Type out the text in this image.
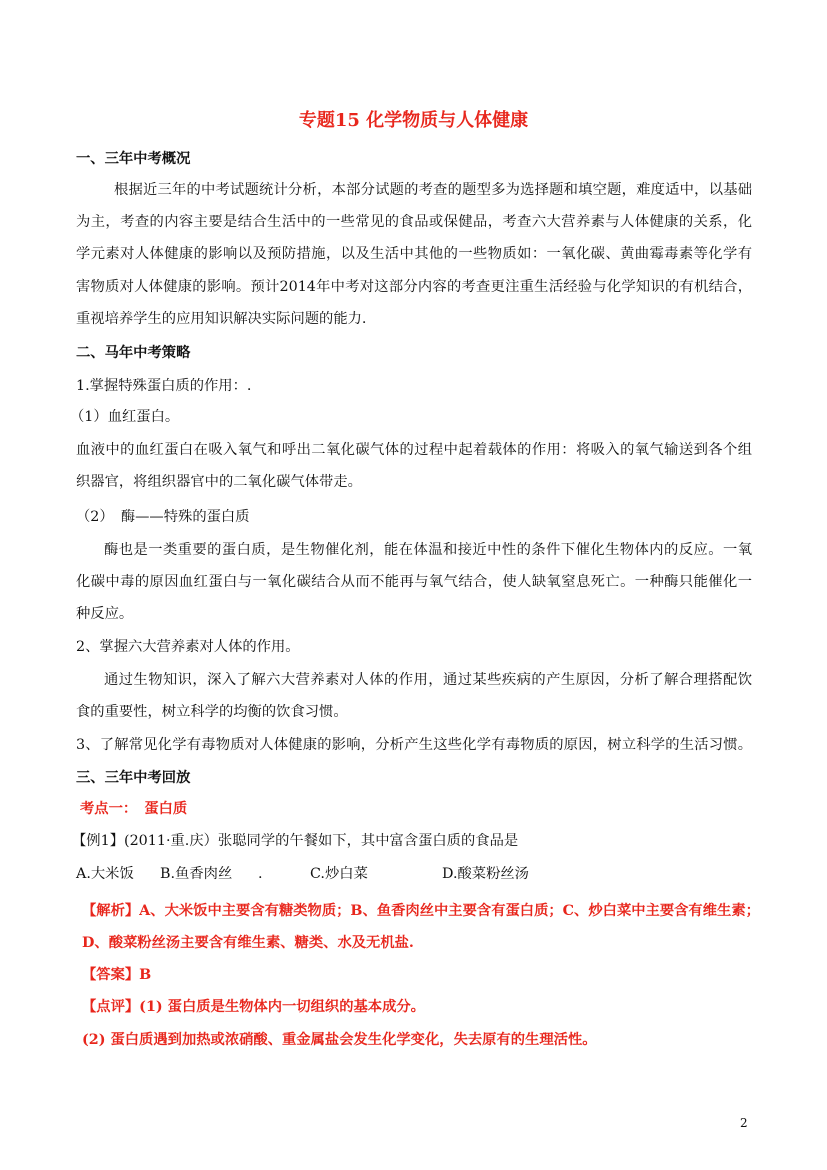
专题15 化学物质与人体健康
一、三年中考概况
根据近三年的中考试题统计分析，本部分试题的考查的题型多为选择题和填空题，难度适中，以基础
为主，考查的内容主要是结合生活中的一些常见的食品或保健品，考查六大营养素与人体健康的关系，化
学元素对人体健康的影响以及预防措施，以及生活中其他的一些物质如：一氧化碳、黄曲霉毒素等化学有
害物质对人体健康的影响。预计2014年中考对这部分内容的考查更注重生活经验与化学知识的有机结合，
重视培养学生的应用知识解决实际问题的能力.
二、马年中考策略
1.掌握特殊蛋白质的作用：.
（1）血红蛋白。
血液中的血红蛋白在吸入氧气和呼出二氧化碳气体的过程中起着载体的作用：将吸入的氧气输送到各个组
织器官，将组织器官中的二氧化碳气体带走。
（2）　酶——特殊的蛋白质
酶也是一类重要的蛋白质，是生物催化剂，能在体温和接近中性的条件下催化生物体内的反应。一氧
化碳中毒的原因血红蛋白与一氧化碳结合从而不能再与氧气结合，使人缺氧窒息死亡。一种酶只能催化一
种反应。
2、掌握六大营养素对人体的作用。
通过生物知识，深入了解六大营养素对人体的作用，通过某些疾病的产生原因，分析了解合理搭配饮
食的重要性，树立科学的均衡的饮食习惯。
3、了解常见化学有毒物质对人体健康的影响，分析产生这些化学有毒物质的原因，树立科学的生活习惯。
三、三年中考回放
考点一：　蛋白质
【例1】(2011·重.庆）张聪同学的午餐如下，其中富含蛋白质的食品是
A.大米饭 B.鱼香肉丝 .	C.炒白菜	D.酸菜粉丝汤
【解析】A、大米饭中主要含有糖类物质；B、鱼香肉丝中主要含有蛋白质；C、炒白菜中主要含有维生素；
D、酸菜粉丝汤主要含有维生素、糖类、水及无机盐.
【答案】B
【点评】(1) 蛋白质是生物体内一切组织的基本成分。
(2) 蛋白质遇到加热或浓硝酸、重金属盐会发生化学变化，失去原有的生理活性。
2
